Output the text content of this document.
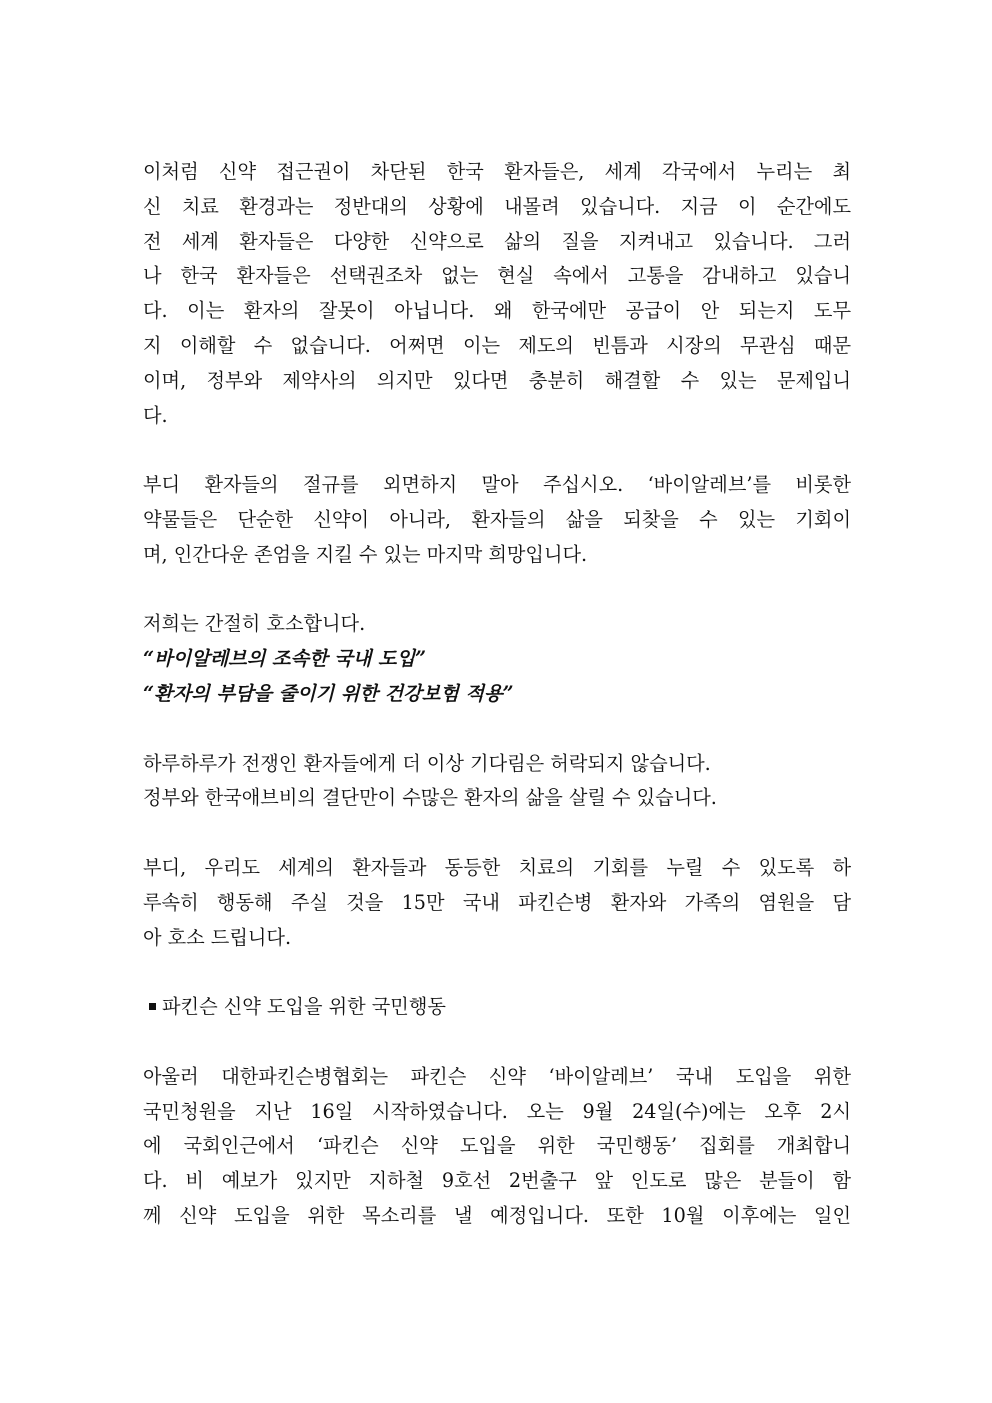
이처럼 신약 접근권이 차단된 한국 환자들은, 세계 각국에서 누리는 최
신 치료 환경과는 정반대의 상황에 내몰려 있습니다. 지금 이 순간에도
전 세계 환자들은 다양한 신약으로 삶의 질을 지켜내고 있습니다. 그러
나 한국 환자들은 선택권조차 없는 현실 속에서 고통을 감내하고 있습니
다. 이는 환자의 잘못이 아닙니다. 왜 한국에만 공급이 안 되는지 도무
지 이해할 수 없습니다. 어쩌면 이는 제도의 빈틈과 시장의 무관심 때문
이며, 정부와 제약사의 의지만 있다면 충분히 해결할 수 있는 문제입니
다.
부디 환자들의 절규를 외면하지 말아 주십시오. ‘바이알레브’를 비롯한
약물들은 단순한 신약이 아니라, 환자들의 삶을 되찾을 수 있는 기회이
며, 인간다운 존엄을 지킬 수 있는 마지막 희망입니다.
저희는 간절히 호소합니다.
“바이알레브의 조속한 국내 도입”
“환자의 부담을 줄이기 위한 건강보험 적용”
하루하루가 전쟁인 환자들에게 더 이상 기다림은 허락되지 않습니다.
정부와 한국애브비의 결단만이 수많은 환자의 삶을 살릴 수 있습니다.
부디, 우리도 세계의 환자들과 동등한 치료의 기회를 누릴 수 있도록 하
루속히 행동해 주실 것을 15만 국내 파킨슨병 환자와 가족의 염원을 담
아 호소 드립니다.
파킨슨 신약 도입을 위한 국민행동
아울러 대한파킨슨병협회는 파킨슨 신약 ‘바이알레브’ 국내 도입을 위한
국민청원을 지난 16일 시작하였습니다. 오는 9월 24일(수)에는 오후 2시
에 국회인근에서 ‘파킨슨 신약 도입을 위한 국민행동’ 집회를 개최합니
다. 비 예보가 있지만 지하철 9호선 2번출구 앞 인도로 많은 분들이 함
께 신약 도입을 위한 목소리를 낼 예정입니다. 또한 10월 이후에는 일인
